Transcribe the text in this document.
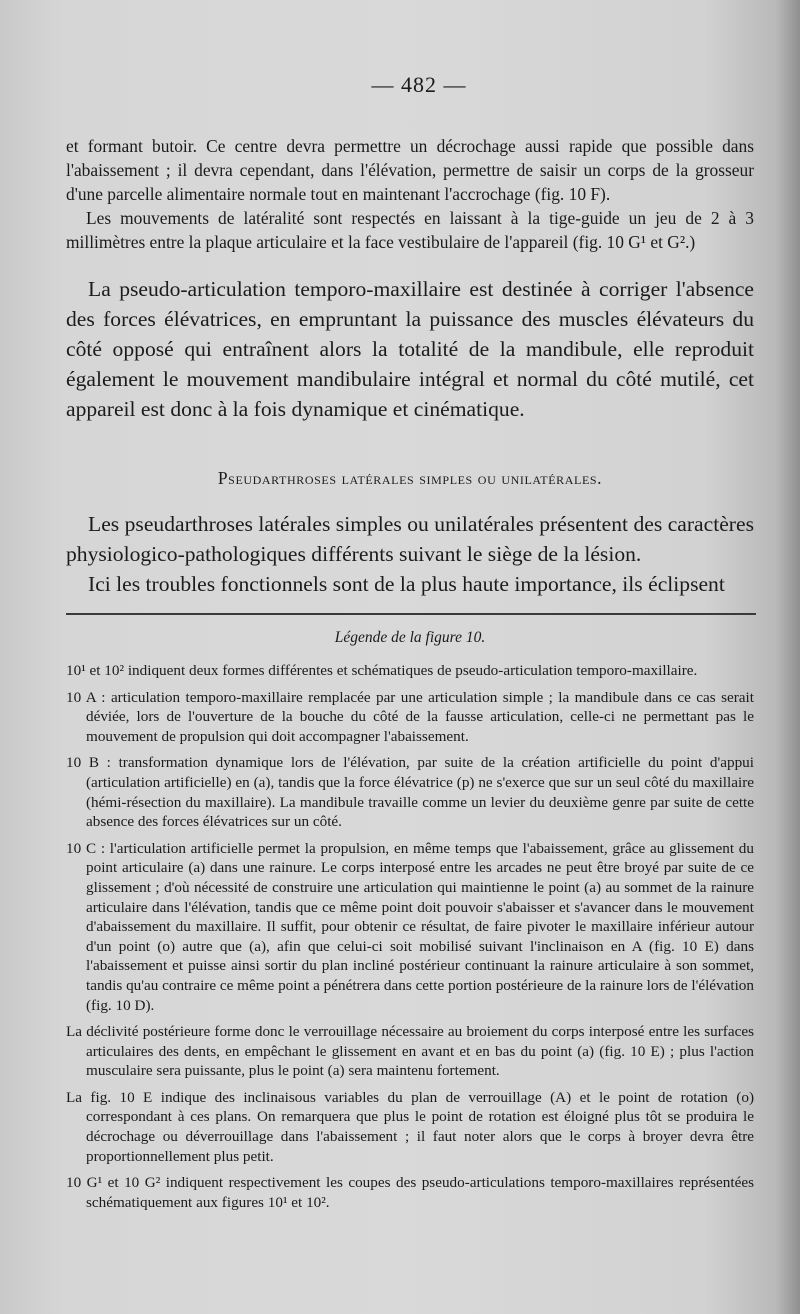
— 482 —

et formant butoir. Ce centre devra permettre un décrochage aussi rapide que possible dans l'abaissement ; il devra cependant, dans l'élévation, permettre de saisir un corps de la grosseur d'une parcelle alimentaire normale tout en maintenant l'accrochage (fig. 10 F).

Les mouvements de latéralité sont respectés en laissant à la tige-guide un jeu de 2 à 3 millimètres entre la plaque articulaire et la face vestibulaire de l'appareil (fig. 10 G¹ et G².)

La pseudo-articulation temporo-maxillaire est destinée à corriger l'absence des forces élévatrices, en empruntant la puissance des muscles élévateurs du côté opposé qui entraînent alors la totalité de la mandibule, elle reproduit également le mouvement mandibulaire intégral et normal du côté mutilé, cet appareil est donc à la fois dynamique et cinématique.

Pseudarthroses latérales simples ou unilatérales.

Les pseudarthroses latérales simples ou unilatérales présentent des caractères physiologico-pathologiques différents suivant le siège de la lésion.

Ici les troubles fonctionnels sont de la plus haute importance, ils éclipsent

Légende de la figure 10.

10¹ et 10² indiquent deux formes différentes et schématiques de pseudo-articulation temporo-maxillaire.

10 A : articulation temporo-maxillaire remplacée par une articulation simple ; la mandibule dans ce cas serait déviée, lors de l'ouverture de la bouche du côté de la fausse articulation, celle-ci ne permettant pas le mouvement de propulsion qui doit accompagner l'abaissement.

10 B : transformation dynamique lors de l'élévation, par suite de la création artificielle du point d'appui (articulation artificielle) en (a), tandis que la force élévatrice (p) ne s'exerce que sur un seul côté du maxillaire (hémi-résection du maxillaire). La mandibule travaille comme un levier du deuxième genre par suite de cette absence des forces élévatrices sur un côté.

10 C : l'articulation artificielle permet la propulsion, en même temps que l'abaissement, grâce au glissement du point articulaire (a) dans une rainure. Le corps interposé entre les arcades ne peut être broyé par suite de ce glissement ; d'où nécessité de construire une articulation qui maintienne le point (a) au sommet de la rainure articulaire dans l'élévation, tandis que ce même point doit pouvoir s'abaisser et s'avancer dans le mouvement d'abaissement du maxillaire. Il suffit, pour obtenir ce résultat, de faire pivoter le maxillaire inférieur autour d'un point (o) autre que (a), afin que celui-ci soit mobilisé suivant l'inclinaison en A (fig. 10 E) dans l'abaissement et puisse ainsi sortir du plan incliné postérieur continuant la rainure articulaire à son sommet, tandis qu'au contraire ce même point a pénétrera dans cette portion postérieure de la rainure lors de l'élévation (fig. 10 D).

La déclivité postérieure forme donc le verrouillage nécessaire au broiement du corps interposé entre les surfaces articulaires des dents, en empêchant le glissement en avant et en bas du point (a) (fig. 10 E) ; plus l'action musculaire sera puissante, plus le point (a) sera maintenu fortement.

La fig. 10 E indique des inclinaisous variables du plan de verrouillage (A) et le point de rotation (o) correspondant à ces plans. On remarquera que plus le point de rotation est éloigné plus tôt se produira le décrochage ou déverrouillage dans l'abaissement ; il faut noter alors que le corps à broyer devra être proportionnellement plus petit.

10 G¹ et 10 G² indiquent respectivement les coupes des pseudo-articulations temporo-maxillaires représentées schématiquement aux figures 10¹ et 10².
